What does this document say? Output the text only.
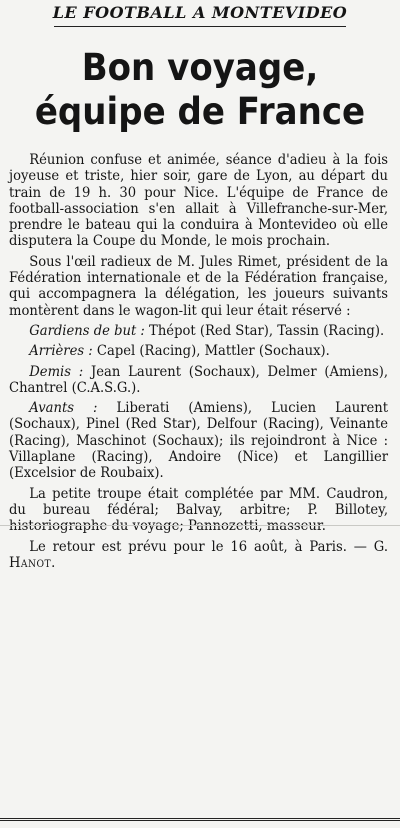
LE FOOTBALL A MONTEVIDEO
Bon voyage,
équipe de France

Réunion confuse et animée, séance d'adieu à la fois joyeuse et triste, hier soir, gare de Lyon, au départ du train de 19 h. 30 pour Nice. L'équipe de France de football-association s'en allait à Villefranche-sur-Mer, prendre le bateau qui la conduira à Montevideo où elle disputera la Coupe du Monde, le mois prochain.

Sous l'œil radieux de M. Jules Rimet, président de la Fédération internationale et de la Fédération française, qui accompagnera la délégation, les joueurs suivants montèrent dans le wagon-lit qui leur était réservé :

Gardiens de but : Thépot (Red Star), Tassin (Racing).

Arrières : Capel (Racing), Mattler (Sochaux).

Demis : Jean Laurent (Sochaux), Delmer (Amiens), Chantrel (C.A.S.G.).

Avants : Liberati (Amiens), Lucien Laurent (Sochaux), Pinel (Red Star), Delfour (Racing), Veinante (Racing), Maschinot (Sochaux); ils rejoindront à Nice : Villaplane (Racing), Andoire (Nice) et Langillier (Excelsior de Roubaix).

La petite troupe était complétée par MM. Caudron, du bureau fédéral; Balvay, arbitre; P. Billotey, historiographe du voyage; Pannozetti, masseur.

Le retour est prévu pour le 16 août, à Paris. — G. Hanot.
